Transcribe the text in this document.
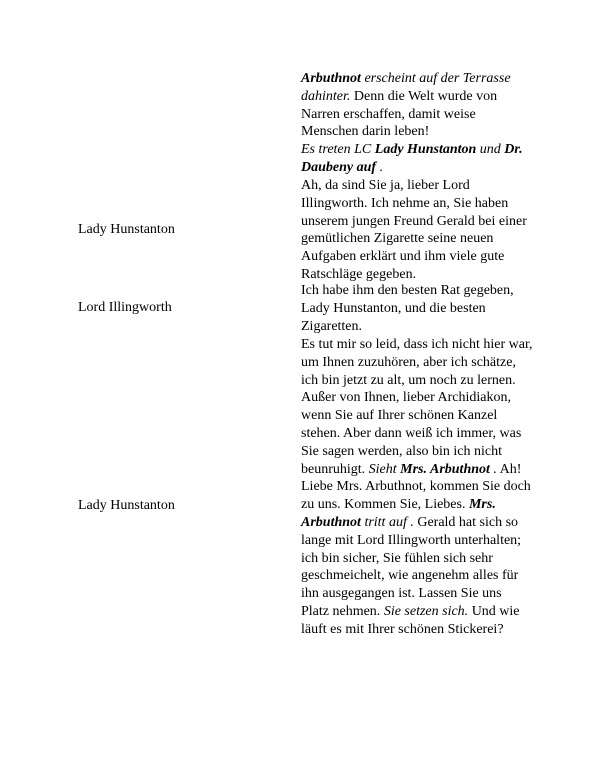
Arbuthnot erscheint auf der Terrasse dahinter. Denn die Welt wurde von Narren erschaffen, damit weise Menschen darin leben!
Es treten LC Lady Hunstanton und Dr. Daubeny auf .
Lady Hunstanton
Ah, da sind Sie ja, lieber Lord Illingworth. Ich nehme an, Sie haben unserem jungen Freund Gerald bei einer gemütlichen Zigarette seine neuen Aufgaben erklärt und ihm viele gute Ratschläge gegeben.
Lord Illingworth
Ich habe ihm den besten Rat gegeben, Lady Hunstanton, und die besten Zigaretten.
Lady Hunstanton
Es tut mir so leid, dass ich nicht hier war, um Ihnen zuzuhören, aber ich schätze, ich bin jetzt zu alt, um noch zu lernen. Außer von Ihnen, lieber Archidiakon, wenn Sie auf Ihrer schönen Kanzel stehen. Aber dann weiß ich immer, was Sie sagen werden, also bin ich nicht beunruhigt. Sieht Mrs. Arbuthnot . Ah! Liebe Mrs. Arbuthnot, kommen Sie doch zu uns. Kommen Sie, Liebes. Mrs. Arbuthnot tritt auf . Gerald hat sich so lange mit Lord Illingworth unterhalten; ich bin sicher, Sie fühlen sich sehr geschmeichelt, wie angenehm alles für ihn ausgegangen ist. Lassen Sie uns Platz nehmen. Sie setzen sich. Und wie läuft es mit Ihrer schönen Stickerei?
